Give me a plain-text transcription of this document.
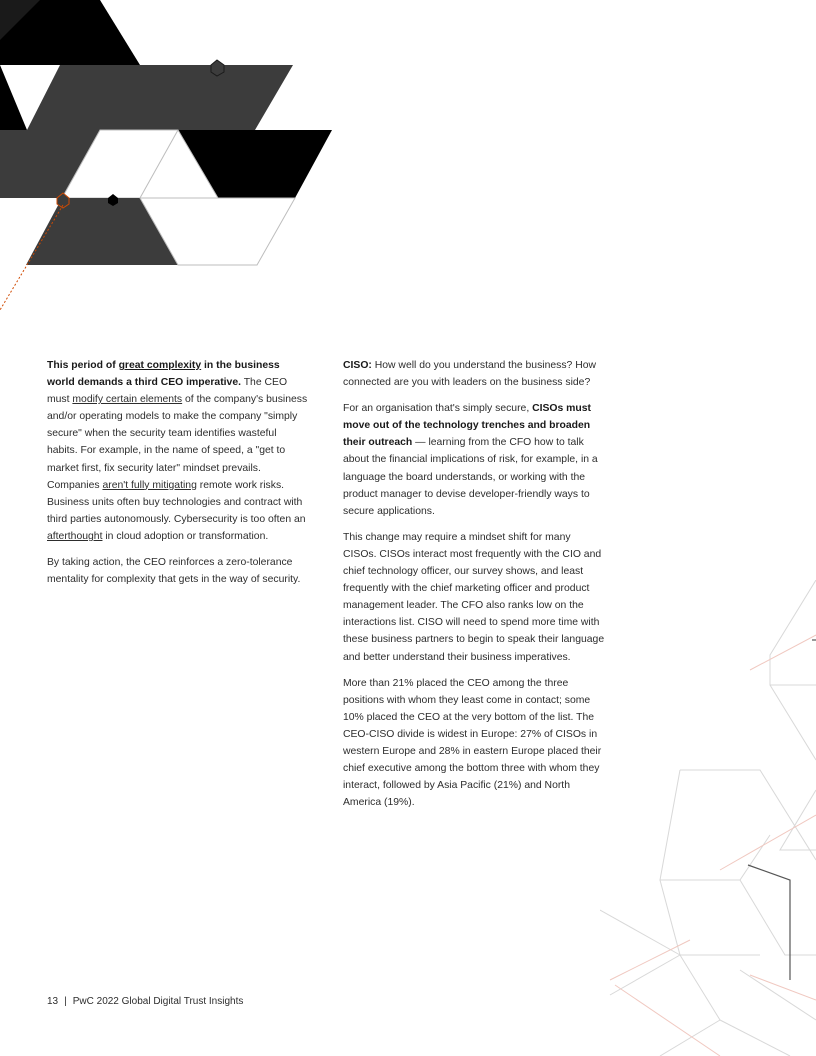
This period of great complexity in the business world demands a third CEO imperative. The CEO must modify certain elements of the company's business and/or operating models to make the company "simply secure" when the security team identifies wasteful habits. For example, in the name of speed, a "get to market first, fix security later" mindset prevails. Companies aren't fully mitigating remote work risks. Business units often buy technologies and contract with third parties autonomously. Cybersecurity is too often an afterthought in cloud adoption or transformation.

By taking action, the CEO reinforces a zero-tolerance mentality for complexity that gets in the way of security.

CISO: How well do you understand the business? How connected are you with leaders on the business side?

For an organisation that's simply secure, CISOs must move out of the technology trenches and broaden their outreach — learning from the CFO how to talk about the financial implications of risk, for example, in a language the board understands, or working with the product manager to devise developer-friendly ways to secure applications.

This change may require a mindset shift for many CISOs. CISOs interact most frequently with the CIO and chief technology officer, our survey shows, and least frequently with the chief marketing officer and product management leader. The CFO also ranks low on the interactions list. CISO will need to spend more time with these business partners to begin to speak their language and better understand their business imperatives.

More than 21% placed the CEO among the three positions with whom they least come in contact; some 10% placed the CEO at the very bottom of the list. The CEO-CISO divide is widest in Europe: 27% of CISOs in western Europe and 28% in eastern Europe placed their chief executive among the bottom three with whom they interact, followed by Asia Pacific (21%) and North America (19%).

13 | PwC 2022 Global Digital Trust Insights
